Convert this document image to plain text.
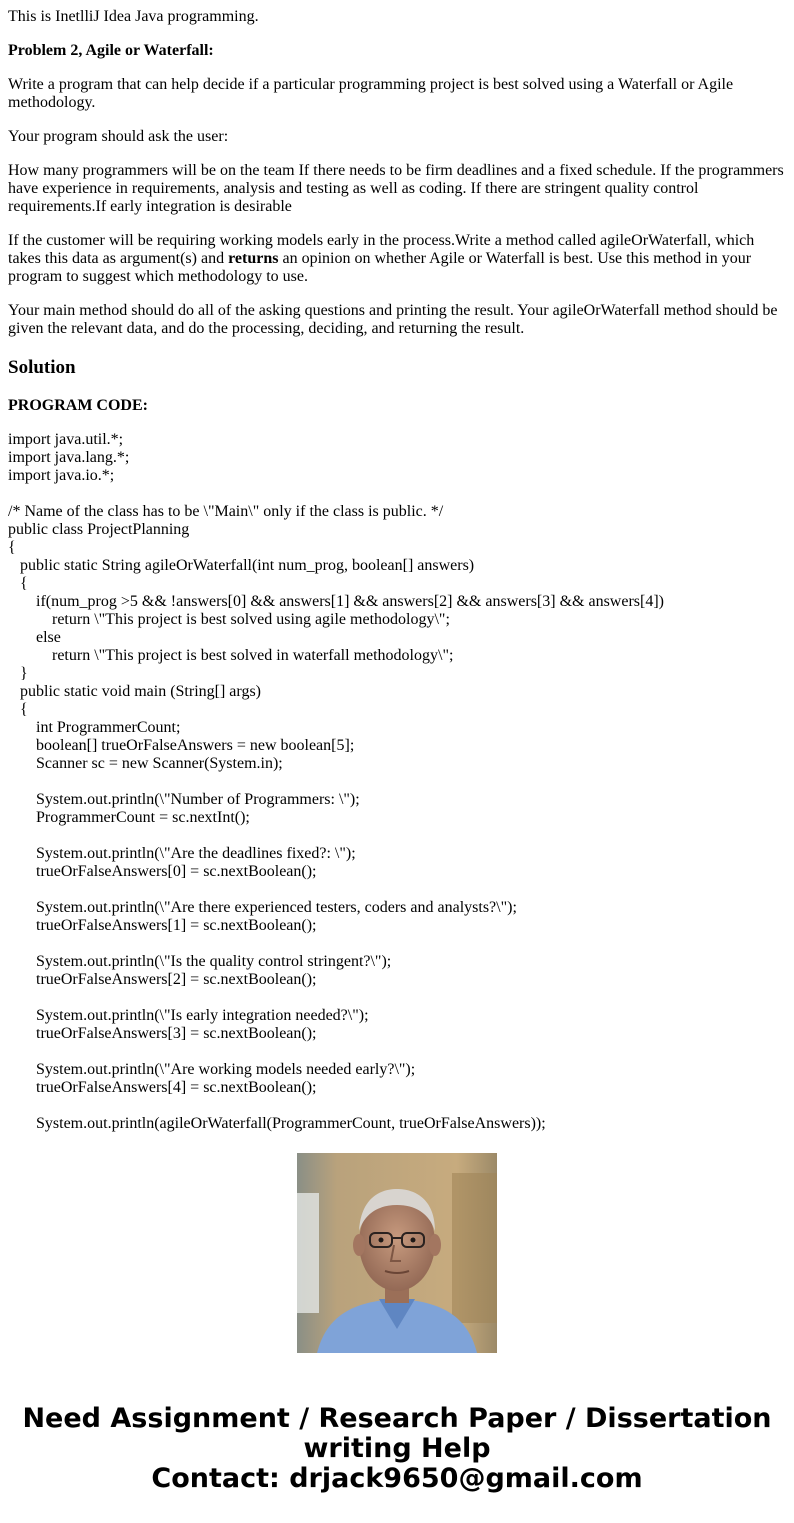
This is InetlliJ Idea Java programming.

Problem 2, Agile or Waterfall:

Write a program that can help decide if a particular programming project is best solved using a Waterfall or Agile methodology.

Your program should ask the user:

How many programmers will be on the team If there needs to be firm deadlines and a fixed schedule. If the programmers have experience in requirements, analysis and testing as well as coding. If there are stringent quality control requirements.If early integration is desirable

If the customer will be requiring working models early in the process.Write a method called agileOrWaterfall, which takes this data as argument(s) and returns an opinion on whether Agile or Waterfall is best. Use this method in your program to suggest which methodology to use.

Your main method should do all of the asking questions and printing the result. Your agileOrWaterfall method should be given the relevant data, and do the processing, deciding, and returning the result.

Solution

PROGRAM CODE:

import java.util.*;
import java.lang.*;
import java.io.*;
/* Name of the class has to be \"Main\" only if the class is public. */
public class ProjectPlanning
{
public static String agileOrWaterfall(int num_prog, boolean[] answers)
{
if(num_prog >5 && !answers[0] && answers[1] && answers[2] && answers[3] && answers[4])
return \"This project is best solved using agile methodology\";
else
return \"This project is best solved in waterfall methodology\";
}
public static void main (String[] args)
{
int ProgrammerCount;
boolean[] trueOrFalseAnswers = new boolean[5];
Scanner sc = new Scanner(System.in);
System.out.println(\"Number of Programmers: \");
ProgrammerCount = sc.nextInt();
System.out.println(\"Are the deadlines fixed?: \");
trueOrFalseAnswers[0] = sc.nextBoolean();
System.out.println(\"Are there experienced testers, coders and analysts?\");
trueOrFalseAnswers[1] = sc.nextBoolean();
System.out.println(\"Is the quality control stringent?\");
trueOrFalseAnswers[2] = sc.nextBoolean();
System.out.println(\"Is early integration needed?\");
trueOrFalseAnswers[3] = sc.nextBoolean();
System.out.println(\"Are working models needed early?\");
trueOrFalseAnswers[4] = sc.nextBoolean();
System.out.println(agileOrWaterfall(ProgrammerCount, trueOrFalseAnswers));
Need Assignment / Research Paper / Dissertation
writing Help
Contact: drjack9650@gmail.com
